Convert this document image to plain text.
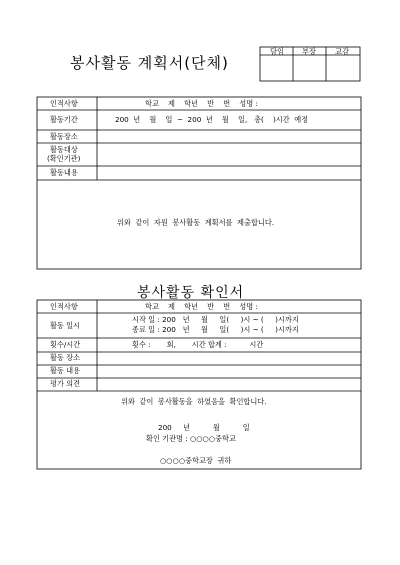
봉사활동 계획서(단체)
봉사활동 확인서
담임	부장	교감
인적사항
활동기간
활동장소
활동대상
(확인기관)
활동내용
학교    제    학년    반    번    성명 :
200  년    월    일  ~  200  년    월    일,   총(    )시간  예정
위와  같이  자원  봉사활동  계획서를  제출합니다.
인적사항
활동 일시
횟수/시간
활동 장소
활동 내용
평가 의견
학교    제    학년    반    번    성명 :
시작 일 : 200   년     월     일(     )시 ~ (     )시까지
종료 일 : 200   년     월     일(     )시 ~ (     )시까지
횟수 :       회,       시간 합계 :          시간
위와  같이  봉사활동을  하였음을  확인합니다.
200     년          월          일
확인 기관명 : ○○○○중학교
○○○○중학교장  귀하
